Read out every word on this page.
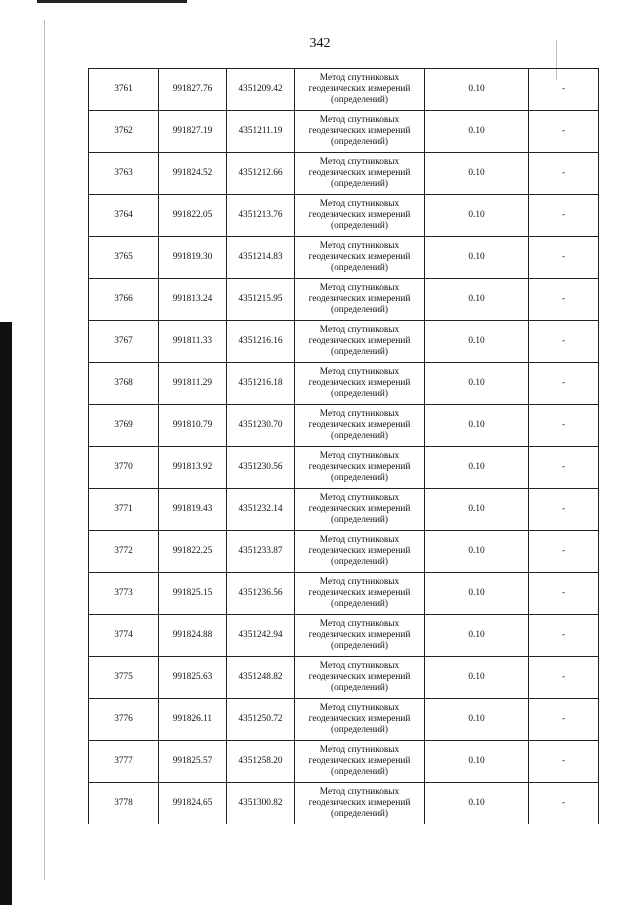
342
3761	991827.76	4351209.42	Метод спутниковых
геодезических измерений
(определений)	0.10	-
3762	991827.19	4351211.19	Метод спутниковых
геодезических измерений
(определений)	0.10	-
3763	991824.52	4351212.66	Метод спутниковых
геодезических измерений
(определений)	0.10	-
3764	991822.05	4351213.76	Метод спутниковых
геодезических измерений
(определений)	0.10	-
3765	991819.30	4351214.83	Метод спутниковых
геодезических измерений
(определений)	0.10	-
3766	991813.24	4351215.95	Метод спутниковых
геодезических измерений
(определений)	0.10	-
3767	991811.33	4351216.16	Метод спутниковых
геодезических измерений
(определений)	0.10	-
3768	991811.29	4351216.18	Метод спутниковых
геодезических измерений
(определений)	0.10	-
3769	991810.79	4351230.70	Метод спутниковых
геодезических измерений
(определений)	0.10	-
3770	991813.92	4351230.56	Метод спутниковых
геодезических измерений
(определений)	0.10	-
3771	991819.43	4351232.14	Метод спутниковых
геодезических измерений
(определений)	0.10	-
3772	991822.25	4351233.87	Метод спутниковых
геодезических измерений
(определений)	0.10	-
3773	991825.15	4351236.56	Метод спутниковых
геодезических измерений
(определений)	0.10	-
3774	991824.88	4351242.94	Метод спутниковых
геодезических измерений
(определений)	0.10	-
3775	991825.63	4351248.82	Метод спутниковых
геодезических измерений
(определений)	0.10	-
3776	991826.11	4351250.72	Метод спутниковых
геодезических измерений
(определений)	0.10	-
3777	991825.57	4351258.20	Метод спутниковых
геодезических измерений
(определений)	0.10	-
3778	991824.65	4351300.82	Метод спутниковых
геодезических измерений
(определений)	0.10	-
